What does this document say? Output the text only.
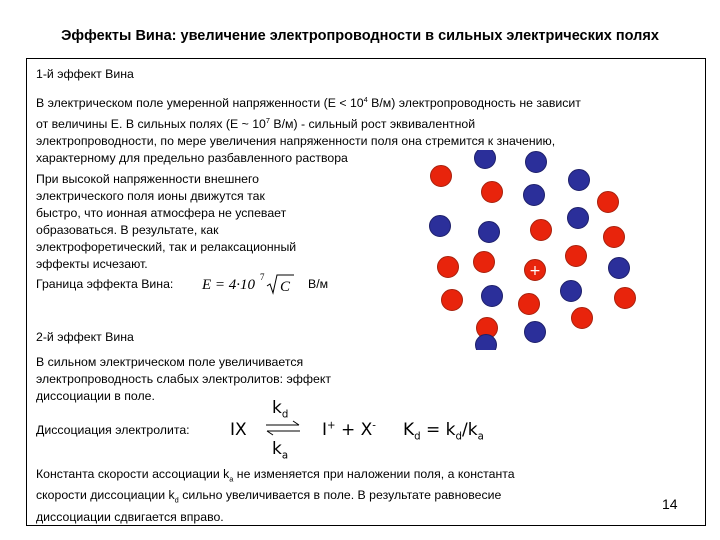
Эффекты Вина: увеличение электропроводности в сильных электрических полях
1-й эффект Вина
В электрическом поле умеренной напряженности ($E < 10^4$ В/м) электропроводность не зависит
от величины E. В сильных полях (E ~ $10^7$ В/м) - сильный рост эквивалентной
электропроводности, по мере увеличения напряженности поля она стремится к значению,
характерному для предельно разбавленного раствора
При высокой напряженности внешнего
электрического поля ионы движутся так
быстро, что ионная атмосфера не успевает
образоваться. В результате, как
электрофоретический, так и релаксационный
эффекты исчезают.
Граница эффекта Вина: E = 4·10 7
C В/м
2-й эффект Вина
В сильном электрическом поле увеличивается
электропроводность слабых электролитов: эффект
диссоциации в поле.
Диссоциация электролита: IX ⇌
$k_d$
$k_a$
I+ + X- $K_d = k_d/k_a$
Константа скорости ассоциации $k_a$ не изменяется при наложении поля, а константа
скорости диссоциации $k_d$ сильно увеличивается в поле. В результате равновесие
диссоциации сдвигается вправо.
14
+
